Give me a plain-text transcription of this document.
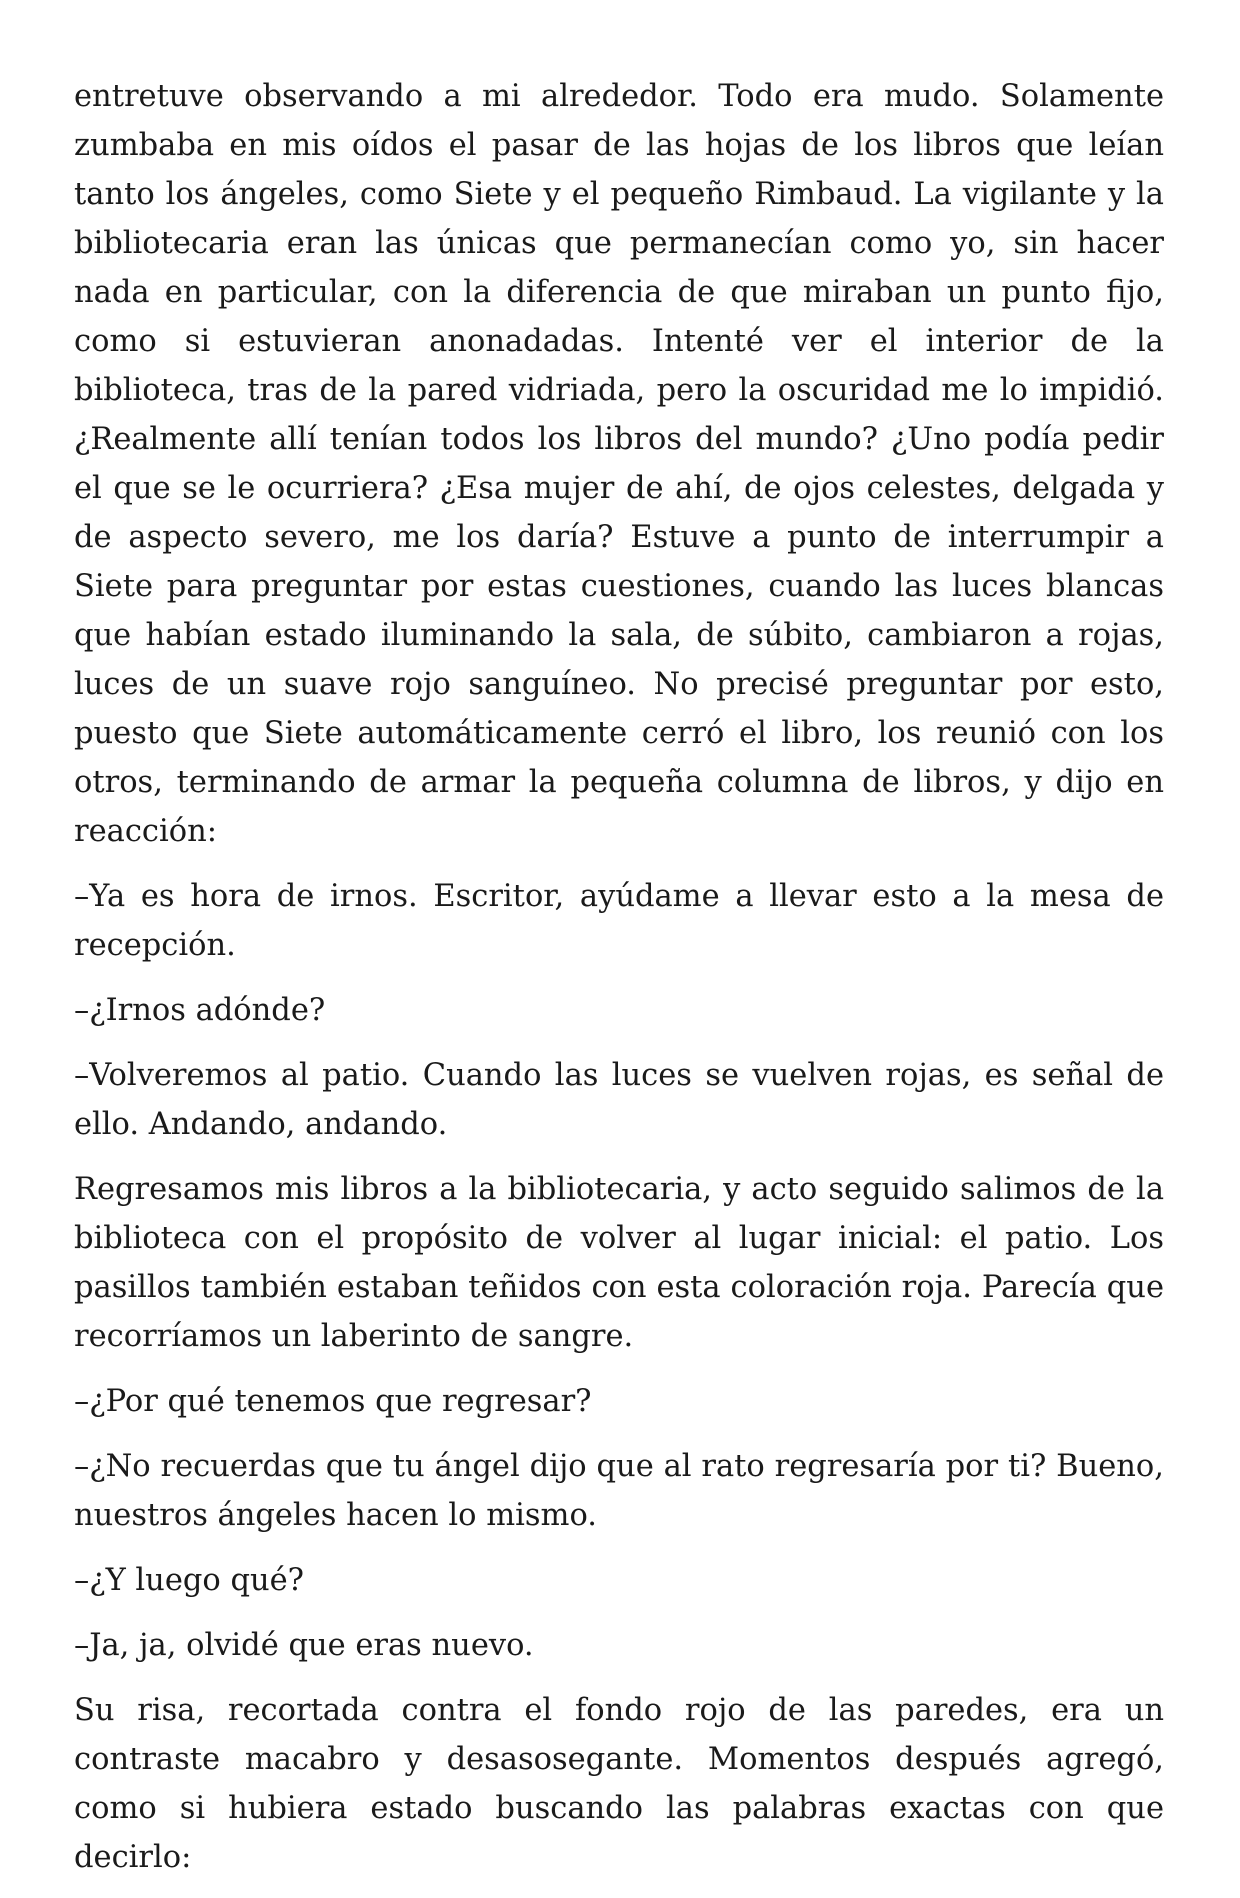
entretuve observando a mi alrededor. Todo era mudo. Solamente zumbaba en mis oídos el pasar de las hojas de los libros que leían tanto los ángeles, como Siete y el pequeño Rimbaud. La vigilante y la bibliotecaria eran las únicas que permanecían como yo, sin hacer nada en particular, con la diferencia de que miraban un punto fijo, como si estuvieran anonadadas. Intenté ver el interior de la biblioteca, tras de la pared vidriada, pero la oscuridad me lo impidió. ¿Realmente allí tenían todos los libros del mundo? ¿Uno podía pedir el que se le ocurriera? ¿Esa mujer de ahí, de ojos celestes, delgada y de aspecto severo, me los daría? Estuve a punto de interrumpir a Siete para preguntar por estas cuestiones, cuando las luces blancas que habían estado iluminando la sala, de súbito, cambiaron a rojas, luces de un suave rojo sanguíneo. No precisé preguntar por esto, puesto que Siete automáticamente cerró el libro, los reunió con los otros, terminando de armar la pequeña columna de libros, y dijo en reacción:

–Ya es hora de irnos. Escritor, ayúdame a llevar esto a la mesa de recepción.

–¿Irnos adónde?

–Volveremos al patio. Cuando las luces se vuelven rojas, es señal de ello. Andando, andando.

Regresamos mis libros a la bibliotecaria, y acto seguido salimos de la biblioteca con el propósito de volver al lugar inicial: el patio. Los pasillos también estaban teñidos con esta coloración roja. Parecía que recorríamos un laberinto de sangre.

–¿Por qué tenemos que regresar?

–¿No recuerdas que tu ángel dijo que al rato regresaría por ti? Bueno, nuestros ángeles hacen lo mismo.

–¿Y luego qué?

–Ja, ja, olvidé que eras nuevo.

Su risa, recortada contra el fondo rojo de las paredes, era un contraste macabro y desasosegante. Momentos después agregó, como si hubiera estado buscando las palabras exactas con que decirlo:
